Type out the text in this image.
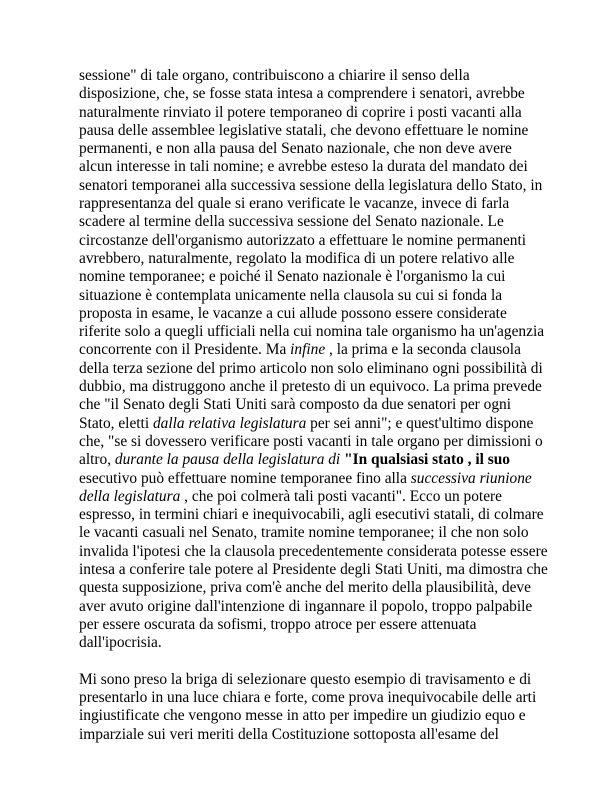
sessione" di tale organo, contribuiscono a chiarire il senso della
disposizione, che, se fosse stata intesa a comprendere i senatori, avrebbe
naturalmente rinviato il potere temporaneo di coprire i posti vacanti alla
pausa delle assemblee legislative statali, che devono effettuare le nomine
permanenti, e non alla pausa del Senato nazionale, che non deve avere
alcun interesse in tali nomine; e avrebbe esteso la durata del mandato dei
senatori temporanei alla successiva sessione della legislatura dello Stato, in
rappresentanza del quale si erano verificate le vacanze, invece di farla
scadere al termine della successiva sessione del Senato nazionale. Le
circostanze dell'organismo autorizzato a effettuare le nomine permanenti
avrebbero, naturalmente, regolato la modifica di un potere relativo alle
nomine temporanee; e poiché il Senato nazionale è l'organismo la cui
situazione è contemplata unicamente nella clausola su cui si fonda la
proposta in esame, le vacanze a cui allude possono essere considerate
riferite solo a quegli ufficiali nella cui nomina tale organismo ha un'agenzia
concorrente con il Presidente. Ma infine , la prima e la seconda clausola
della terza sezione del primo articolo non solo eliminano ogni possibilità di
dubbio, ma distruggono anche il pretesto di un equivoco. La prima prevede
che "il Senato degli Stati Uniti sarà composto da due senatori per ogni
Stato, eletti dalla relativa legislatura per sei anni"; e quest'ultimo dispone
che, "se si dovessero verificare posti vacanti in tale organo per dimissioni o
altro, durante la pausa della legislatura di "In qualsiasi stato , il suo
esecutivo può effettuare nomine temporanee fino alla successiva riunione
della legislatura , che poi colmerà tali posti vacanti". Ecco un potere
espresso, in termini chiari e inequivocabili, agli esecutivi statali, di colmare
le vacanti casuali nel Senato, tramite nomine temporanee; il che non solo
invalida l'ipotesi che la clausola precedentemente considerata potesse essere
intesa a conferire tale potere al Presidente degli Stati Uniti, ma dimostra che
questa supposizione, priva com'è anche del merito della plausibilità, deve
aver avuto origine dall'intenzione di ingannare il popolo, troppo palpabile
per essere oscurata da sofismi, troppo atroce per essere attenuata
dall'ipocrisia.
Mi sono preso la briga di selezionare questo esempio di travisamento e di
presentarlo in una luce chiara e forte, come prova inequivocabile delle arti
ingiustificate che vengono messe in atto per impedire un giudizio equo e
imparziale sui veri meriti della Costituzione sottoposta all'esame del
